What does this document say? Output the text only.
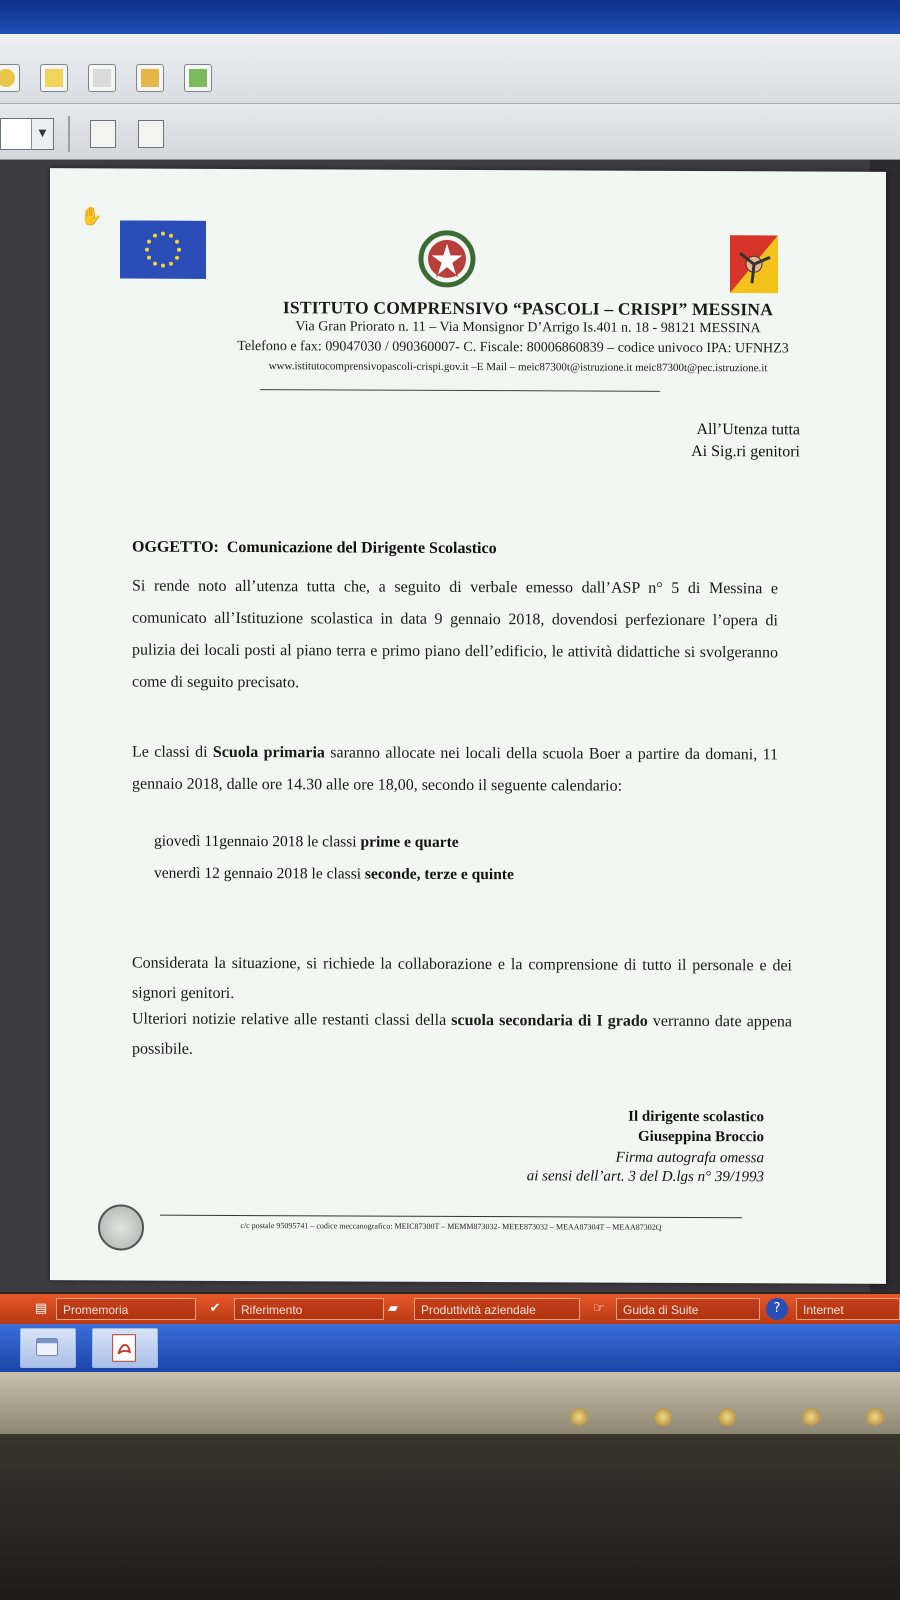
▼
✋
ISTITUTO COMPRENSIVO “PASCOLI – CRISPI” MESSINA
Via Gran Priorato n. 11 – Via Monsignor D’Arrigo Is.401 n. 18 - 98121 MESSINA
Telefono e fax: 09047030 / 090360007- C. Fiscale: 80006860839 – codice univoco IPA: UFNHZ3
www.istitutocomprensivopascoli-crispi.gov.it –E Mail – meic87300t@istruzione.it meic87300t@pec.istruzione.it
All’Utenza tutta
Ai Sig.ri genitori
OGGETTO: Comunicazione del Dirigente Scolastico
Si rende noto all’utenza tutta che, a seguito di verbale emesso dall’ASP n° 5 di Messina e comunicato all’Istituzione scolastica in data 9 gennaio 2018, dovendosi perfezionare l’opera di pulizia dei locali posti al piano terra e primo piano dell’edificio, le attività didattiche si svolgeranno come di seguito precisato.
Le classi di Scuola primaria saranno allocate nei locali della scuola Boer a partire da domani, 11 gennaio 2018, dalle ore 14.30 alle ore 18,00, secondo il seguente calendario:
giovedì 11gennaio 2018 le classi prime e quarte
venerdì 12 gennaio 2018 le classi seconde, terze e quinte
Considerata la situazione, si richiede la collaborazione e la comprensione di tutto il personale e dei signori genitori.
Ulteriori notizie relative alle restanti classi della scuola secondaria di I grado verranno date appena possibile.
Il dirigente scolastico
Giuseppina Broccio
Firma autografa omessa
ai sensi dell’art. 3 del D.lgs n° 39/1993
c/c postale 95095741 – codice meccanografico: MEIC87300T – MEMM873032- MEEE873032 – MEAA87304T – MEAA87302Q
▤	Promemoria	✔	Riferimento	▰	Produttività aziendale	☞	Guida di Suite	?	Internet
